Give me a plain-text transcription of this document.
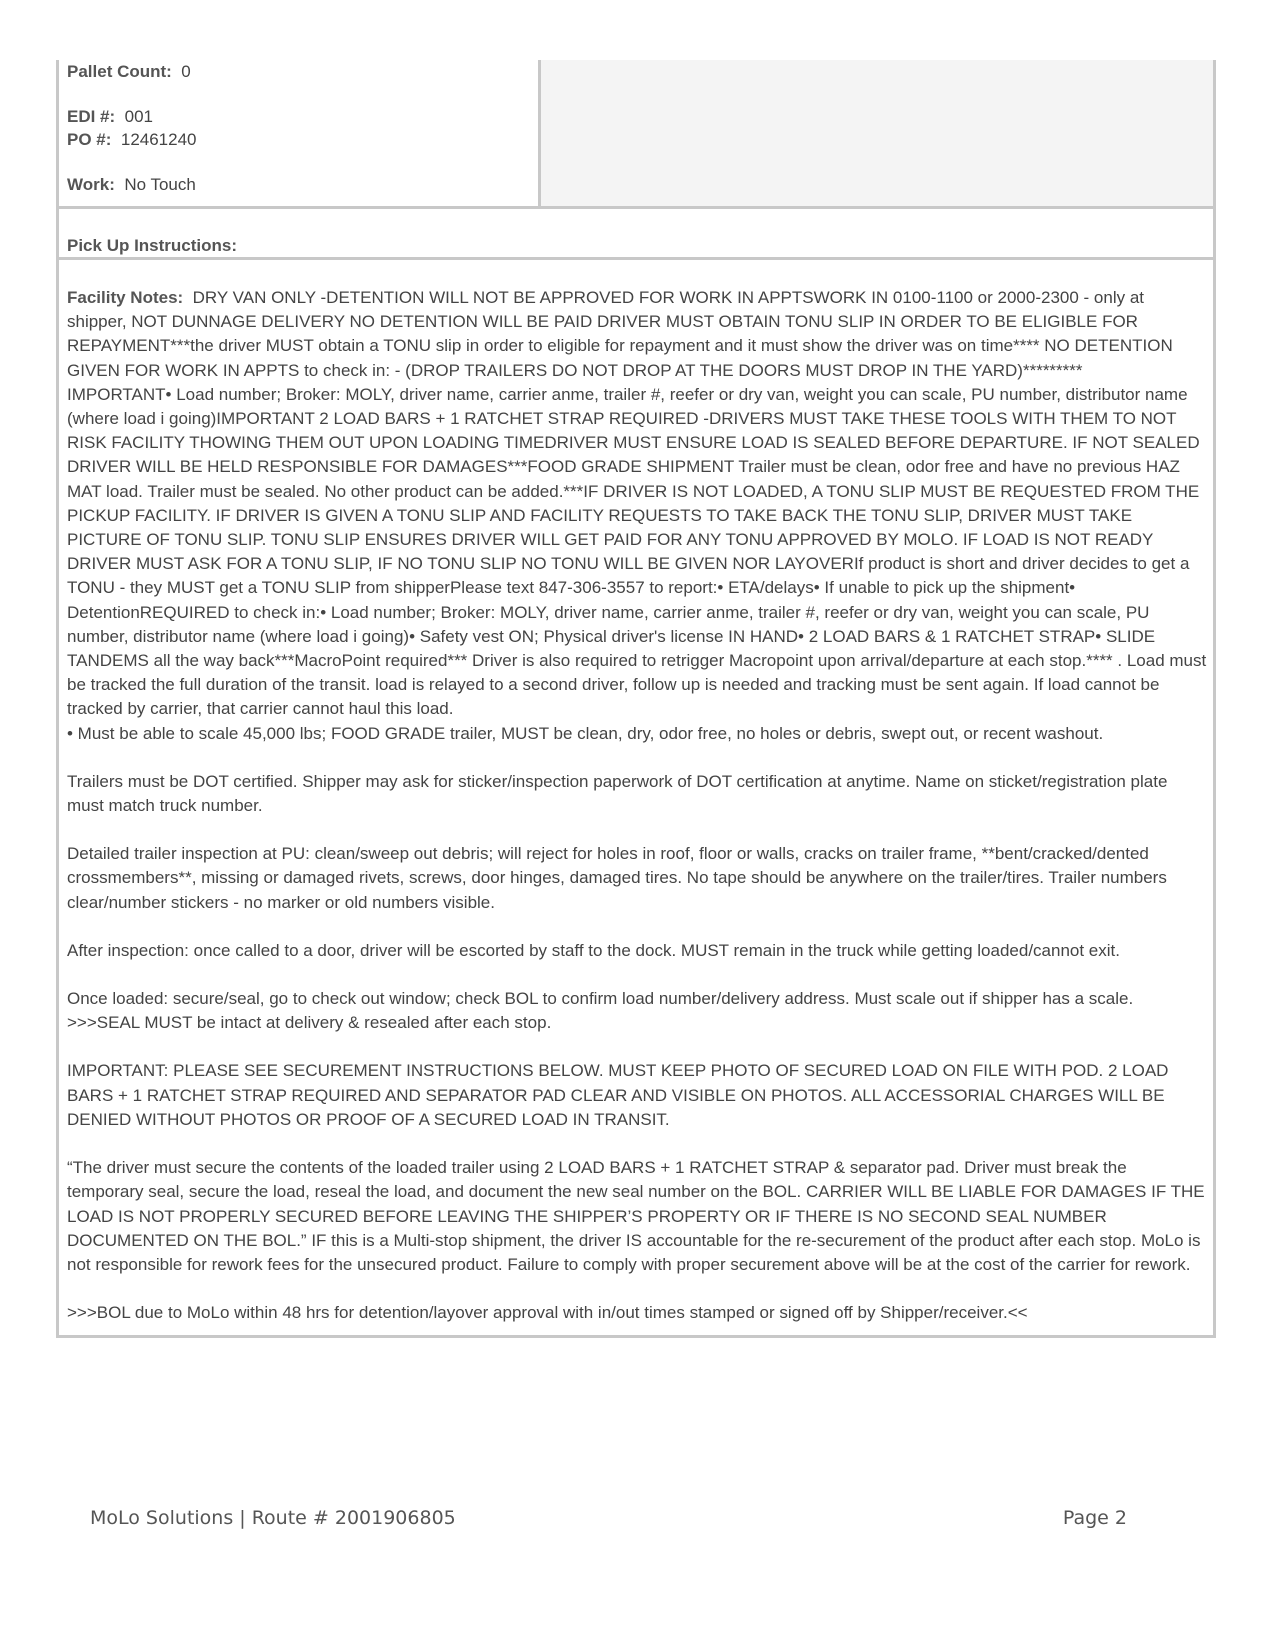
Pallet Count: 0

EDI #: 001

PO #: 12461240

Work: No Touch

Pick Up Instructions:

Facility Notes: DRY VAN ONLY -DETENTION WILL NOT BE APPROVED FOR WORK IN APPTSWORK IN 0100-1100 or 2000-2300 - only at shipper, NOT DUNNAGE DELIVERY NO DETENTION WILL BE PAID DRIVER MUST OBTAIN TONU SLIP IN ORDER TO BE ELIGIBLE FOR REPAYMENT***the driver MUST obtain a TONU slip in order to eligible for repayment and it must show the driver was on time**** NO DETENTION GIVEN FOR WORK IN APPTS to check in: - (DROP TRAILERS DO NOT DROP AT THE DOORS MUST DROP IN THE YARD)*********

IMPORTANT• Load number; Broker: MOLY, driver name, carrier anme, trailer #, reefer or dry van, weight you can scale, PU number, distributor name (where load i going)IMPORTANT 2 LOAD BARS + 1 RATCHET STRAP REQUIRED -DRIVERS MUST TAKE THESE TOOLS WITH THEM TO NOT RISK FACILITY THOWING THEM OUT UPON LOADING TIMEDRIVER MUST ENSURE LOAD IS SEALED BEFORE DEPARTURE. IF NOT SEALED DRIVER WILL BE HELD RESPONSIBLE FOR DAMAGES***FOOD GRADE SHIPMENT Trailer must be clean, odor free and have no previous HAZ MAT load. Trailer must be sealed. No other product can be added.***IF DRIVER IS NOT LOADED, A TONU SLIP MUST BE REQUESTED FROM THE PICKUP FACILITY. IF DRIVER IS GIVEN A TONU SLIP AND FACILITY REQUESTS TO TAKE BACK THE TONU SLIP, DRIVER MUST TAKE PICTURE OF TONU SLIP. TONU SLIP ENSURES DRIVER WILL GET PAID FOR ANY TONU APPROVED BY MOLO. IF LOAD IS NOT READY DRIVER MUST ASK FOR A TONU SLIP, IF NO TONU SLIP NO TONU WILL BE GIVEN NOR LAYOVERIf product is short and driver decides to get a TONU - they MUST get a TONU SLIP from shipperPlease text 847-306-3557 to report:• ETA/delays• If unable to pick up the shipment• DetentionREQUIRED to check in:• Load number; Broker: MOLY, driver name, carrier anme, trailer #, reefer or dry van, weight you can scale, PU number, distributor name (where load i going)• Safety vest ON; Physical driver's license IN HAND• 2 LOAD BARS & 1 RATCHET STRAP• SLIDE TANDEMS all the way back***MacroPoint required*** Driver is also required to retrigger Macropoint upon arrival/departure at each stop.**** . Load must be tracked the full duration of the transit. load is relayed to a second driver, follow up is needed and tracking must be sent again. If load cannot be tracked by carrier, that carrier cannot haul this load.

• Must be able to scale 45,000 lbs; FOOD GRADE trailer, MUST be clean, dry, odor free, no holes or debris, swept out, or recent washout.

Trailers must be DOT certified. Shipper may ask for sticker/inspection paperwork of DOT certification at anytime. Name on sticket/registration plate must match truck number.

Detailed trailer inspection at PU: clean/sweep out debris; will reject for holes in roof, floor or walls, cracks on trailer frame, **bent/cracked/dented crossmembers**, missing or damaged rivets, screws, door hinges, damaged tires. No tape should be anywhere on the trailer/tires. Trailer numbers clear/number stickers - no marker or old numbers visible.

After inspection: once called to a door, driver will be escorted by staff to the dock. MUST remain in the truck while getting loaded/cannot exit.

Once loaded: secure/seal, go to check out window; check BOL to confirm load number/delivery address. Must scale out if shipper has a scale. >>>SEAL MUST be intact at delivery & resealed after each stop.

IMPORTANT: PLEASE SEE SECUREMENT INSTRUCTIONS BELOW. MUST KEEP PHOTO OF SECURED LOAD ON FILE WITH POD. 2 LOAD BARS + 1 RATCHET STRAP REQUIRED AND SEPARATOR PAD CLEAR AND VISIBLE ON PHOTOS. ALL ACCESSORIAL CHARGES WILL BE DENIED WITHOUT PHOTOS OR PROOF OF A SECURED LOAD IN TRANSIT.

“The driver must secure the contents of the loaded trailer using 2 LOAD BARS + 1 RATCHET STRAP & separator pad. Driver must break the temporary seal, secure the load, reseal the load, and document the new seal number on the BOL. CARRIER WILL BE LIABLE FOR DAMAGES IF THE LOAD IS NOT PROPERLY SECURED BEFORE LEAVING THE SHIPPER’S PROPERTY OR IF THERE IS NO SECOND SEAL NUMBER DOCUMENTED ON THE BOL.” IF this is a Multi-stop shipment, the driver IS accountable for the re-securement of the product after each stop. MoLo is not responsible for rework fees for the unsecured product. Failure to comply with proper securement above will be at the cost of the carrier for rework.

>>>BOL due to MoLo within 48 hrs for detention/layover approval with in/out times stamped or signed off by Shipper/receiver.<<

MoLo Solutions | Route # 2001906805	Page 2
